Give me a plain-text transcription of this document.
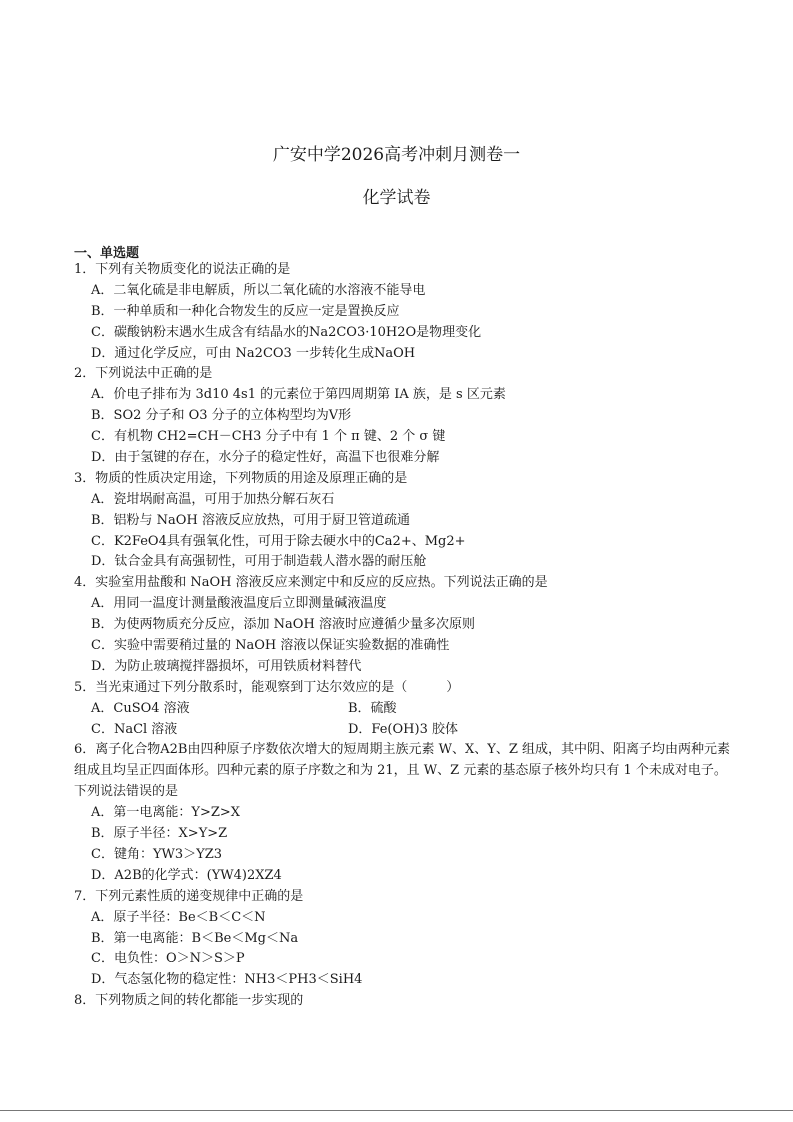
广安中学2026高考冲刺月测卷一
化学试卷
一、单选题
1．下列有关物质变化的说法正确的是
A．二氧化硫是非电解质，所以二氧化硫的水溶液不能导电
B．一种单质和一种化合物发生的反应一定是置换反应
C．碳酸钠粉末遇水生成含有结晶水的Na2CO3·10H2O是物理变化
D．通过化学反应，可由 Na2CO3 一步转化生成NaOH
2．下列说法中正确的是
A．价电子排布为 3d10 4s1 的元素位于第四周期第 IA 族，是 s 区元素
B．SO2 分子和 O3 分子的立体构型均为Ⅴ形
C．有机物 CH2=CH－CH3 分子中有 1 个 π 键、2 个 σ 键
D．由于氢键的存在，水分子的稳定性好，高温下也很难分解
3．物质的性质决定用途，下列物质的用途及原理正确的是
A．瓷坩埚耐高温，可用于加热分解石灰石
B．铝粉与 NaOH 溶液反应放热，可用于厨卫管道疏通
C．K2FeO4具有强氧化性，可用于除去硬水中的Ca2+、Mg2+
D．钛合金具有高强韧性，可用于制造载人潜水器的耐压舱
4．实验室用盐酸和 NaOH 溶液反应来测定中和反应的反应热。下列说法正确的是
A．用同一温度计测量酸液温度后立即测量碱液温度
B．为使两物质充分反应，添加 NaOH 溶液时应遵循少量多次原则
C．实验中需要稍过量的 NaOH 溶液以保证实验数据的准确性
D．为防止玻璃搅拌器损坏，可用铁质材料替代
5．当光束通过下列分散系时，能观察到丁达尔效应的是（　　　）
A．CuSO4 溶液	B．硫酸
C．NaCl 溶液	D．Fe(OH)3 胶体
6．离子化合物A2B由四种原子序数依次增大的短周期主族元素 W、X、Y、Z 组成，其中阴、阳离子均由两种元素组成且均呈正四面体形。四种元素的原子序数之和为 21，且 W、Z 元素的基态原子核外均只有 1 个未成对电子。下列说法错误的是
A．第一电离能：Y>Z>X
B．原子半径：X>Y>Z
C．键角：YW3＞YZ3
D．A2B的化学式：(YW4)2XZ4
7．下列元素性质的递变规律中正确的是
A．原子半径：Be＜B＜C＜N
B．第一电离能：B＜Be＜Mg＜Na
C．电负性：O＞N＞S＞P
D．气态氢化物的稳定性：NH3＜PH3＜SiH4
8．下列物质之间的转化都能一步实现的
